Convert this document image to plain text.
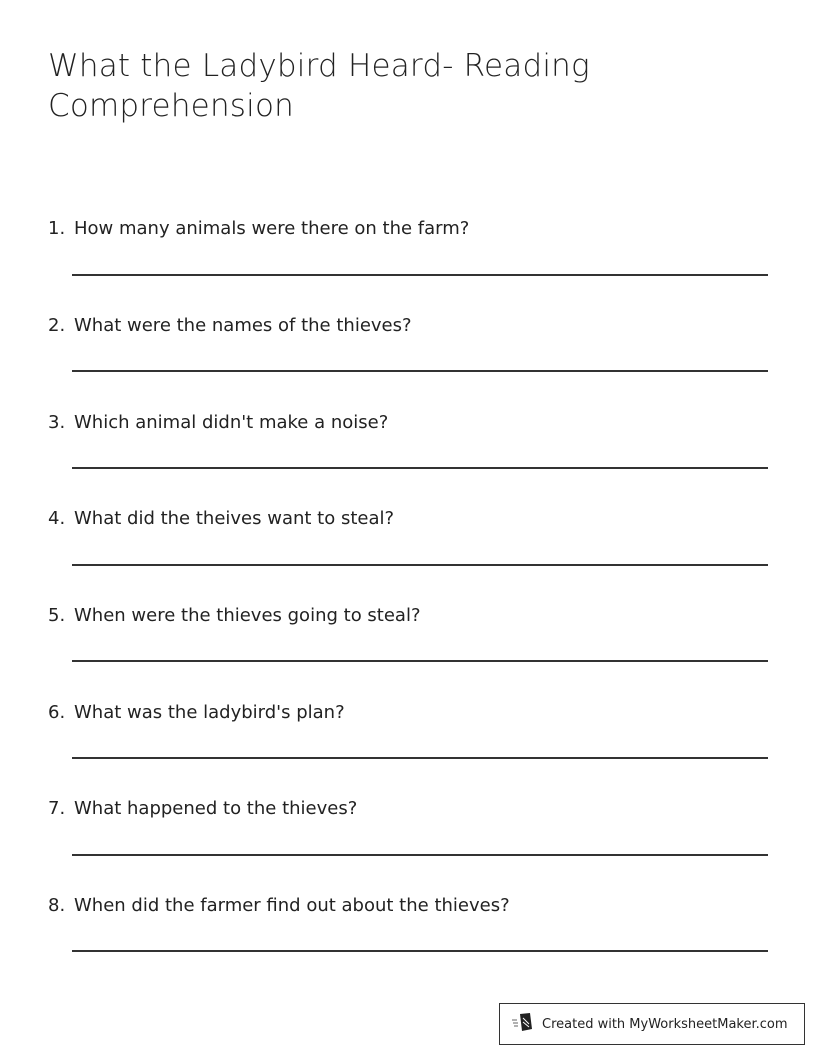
What the Ladybird Heard- Reading Comprehension
1. How many animals were there on the farm?
2. What were the names of the thieves?
3. Which animal didn't make a noise?
4. What did the theives want to steal?
5. When were the thieves going to steal?
6. What was the ladybird's plan?
7. What happened to the thieves?
8. When did the farmer find out about the thieves?
Created with MyWorksheetMaker.com
